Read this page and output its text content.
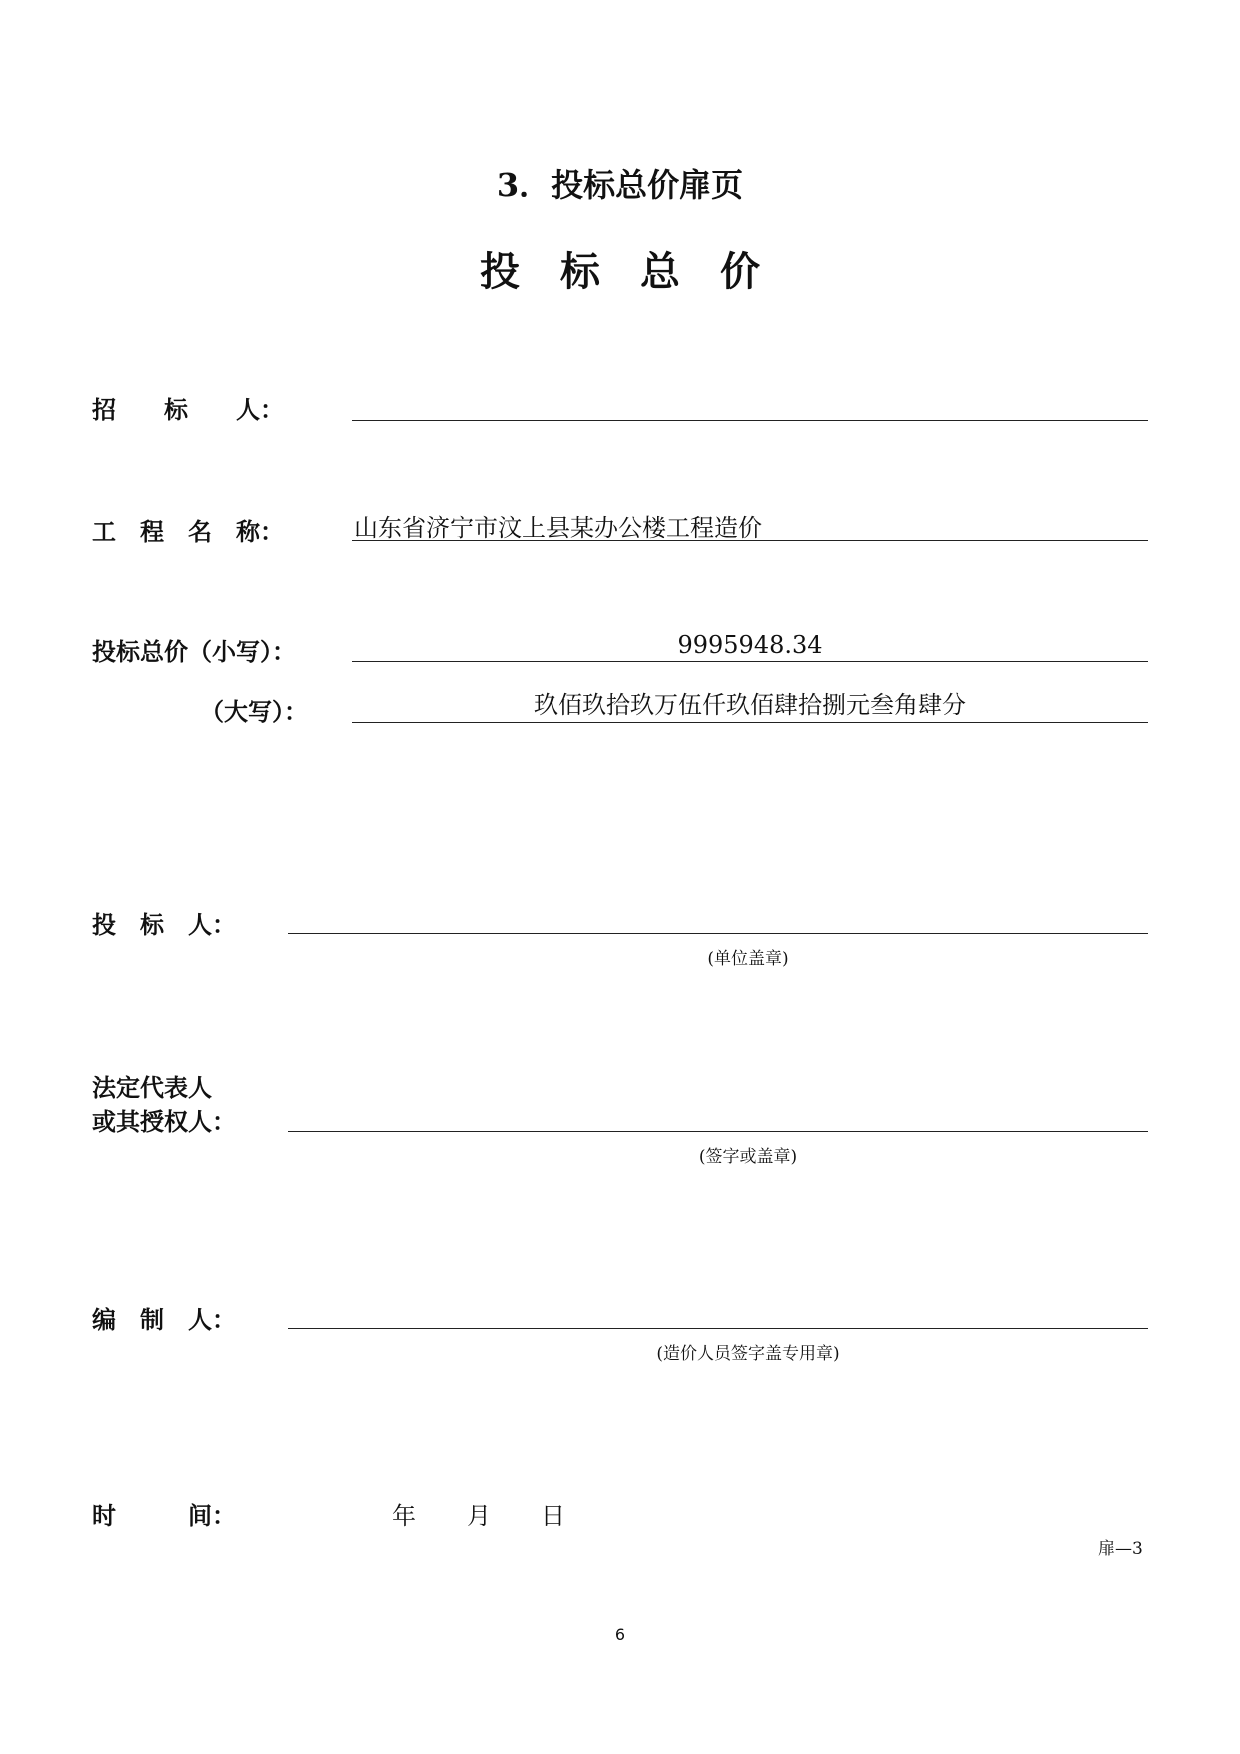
3．投标总价扉页
投标总价
招　　标　　人：
工　程　名　称：	山东省济宁市汶上县某办公楼工程造价
投标总价（小写）：	9995948.34
（大写）：	玖佰玖拾玖万伍仟玖佰肆拾捌元叁角肆分
投　标　人：
(单位盖章)
法定代表人
或其授权人：
(签字或盖章)
编　制　人：
(造价人员签字盖专用章)
时　　　间：	年 月 日
扉—3
6
